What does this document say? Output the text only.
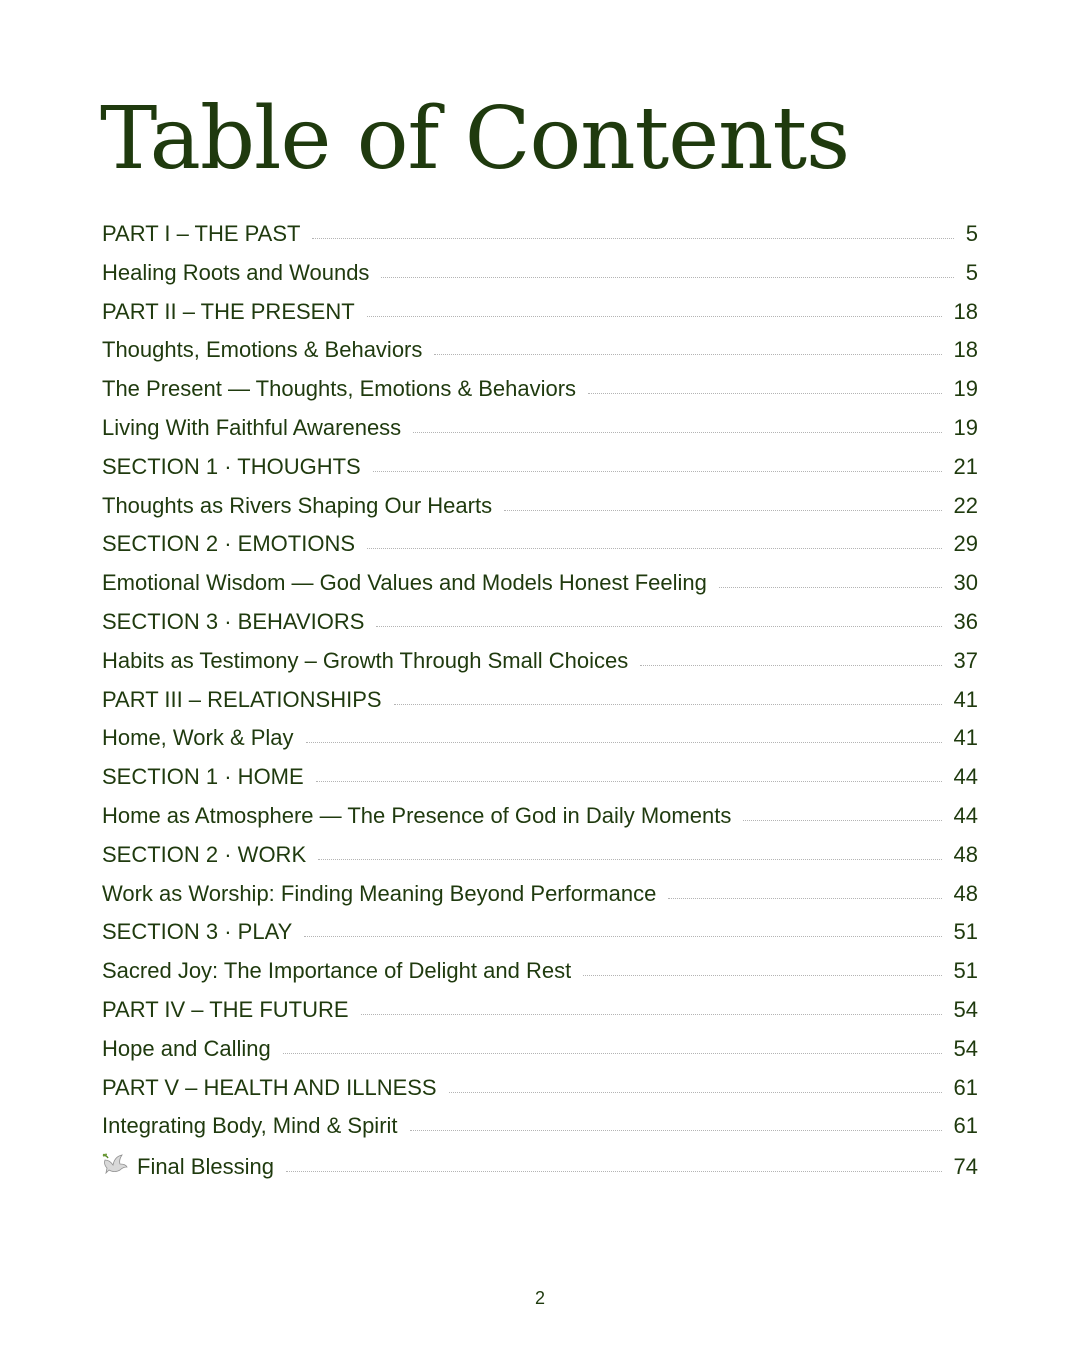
Table of Contents
PART I – THE PAST	5
Healing Roots and Wounds	5
PART II – THE PRESENT	18
Thoughts, Emotions & Behaviors	18
The Present — Thoughts, Emotions & Behaviors	19
Living With Faithful Awareness	19
SECTION 1 · THOUGHTS	21
Thoughts as Rivers Shaping Our Hearts	22
SECTION 2 · EMOTIONS	29
Emotional Wisdom — God Values and Models Honest Feeling	30
SECTION 3 · BEHAVIORS	36
Habits as Testimony – Growth Through Small Choices	37
PART III – RELATIONSHIPS	41
Home, Work & Play	41
SECTION 1 · HOME	44
Home as Atmosphere — The Presence of God in Daily Moments	44
SECTION 2 · WORK	48
Work as Worship: Finding Meaning Beyond Performance	48
SECTION 3 · PLAY	51
Sacred Joy: The Importance of Delight and Rest	51
PART IV – THE FUTURE	54
Hope and Calling	54
PART V – HEALTH AND ILLNESS	61
Integrating Body, Mind & Spirit	61
Final Blessing	74
2
